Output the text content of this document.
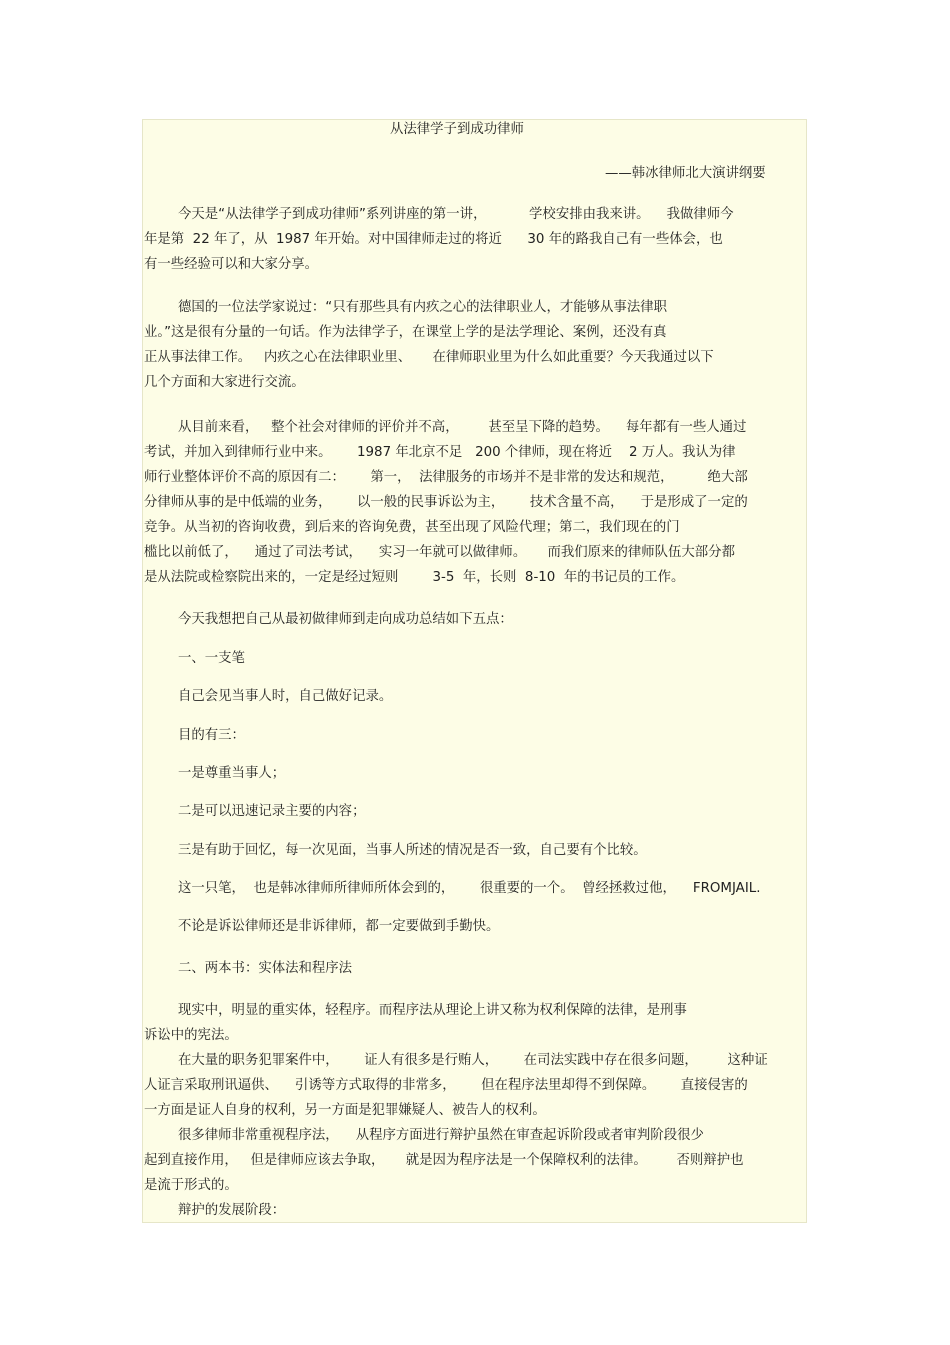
从法律学子到成功律师
——韩冰律师北大演讲纲要
今天是“从法律学子到成功律师”系列讲座的第一讲，          学校安排由我来讲。    我做律师今
年是第  22 年了，从  1987 年开始。对中国律师走过的将近      30 年的路我自己有一些体会，也
有一些经验可以和大家分享。
德国的一位法学家说过：“只有那些具有内疚之心的法律职业人，才能够从事法律职
业。”这是很有分量的一句话。作为法律学子，在课堂上学的是法学理论、案例，还没有真
正从事法律工作。   内疚之心在法律职业里、     在律师职业里为什么如此重要？今天我通过以下
几个方面和大家进行交流。
从目前来看，   整个社会对律师的评价并不高，       甚至呈下降的趋势。    每年都有一些人通过
考试，并加入到律师行业中来。      1987 年北京不足   200 个律师，现在将近    2 万人。我认为律
师行业整体评价不高的原因有二：      第一，  法律服务的市场并不是非常的发达和规范，        绝大部
分律师从事的是中低端的业务，      以一般的民事诉讼为主，      技术含量不高，    于是形成了一定的
竞争。从当初的咨询收费，到后来的咨询免费，甚至出现了风险代理；第二，我们现在的门
槛比以前低了，    通过了司法考试，    实习一年就可以做律师。     而我们原来的律师队伍大部分都
是从法院或检察院出来的，一定是经过短则        3-5  年，长则  8-10  年的书记员的工作。
今天我想把自己从最初做律师到走向成功总结如下五点：
一、一支笔
自己会见当事人时，自己做好记录。
目的有三：
一是尊重当事人；
二是可以迅速记录主要的内容；
三是有助于回忆，每一次见面，当事人所述的情况是否一致，自己要有个比较。
这一只笔，  也是韩冰律师所律师所体会到的，      很重要的一个。  曾经拯救过他，    FROMJAIL.
不论是诉讼律师还是非诉律师，都一定要做到手勤快。
二、两本书：实体法和程序法
现实中，明显的重实体，轻程序。而程序法从理论上讲又称为权利保障的法律，是刑事
诉讼中的宪法。
在大量的职务犯罪案件中，      证人有很多是行贿人，      在司法实践中存在很多问题，       这种证
人证言采取刑讯逼供、    引诱等方式取得的非常多，      但在程序法里却得不到保障。      直接侵害的
一方面是证人自身的权利，另一方面是犯罪嫌疑人、被告人的权利。
很多律师非常重视程序法，    从程序方面进行辩护虽然在审查起诉阶段或者审判阶段很少
起到直接作用，   但是律师应该去争取，     就是因为程序法是一个保障权利的法律。       否则辩护也
是流于形式的。
辩护的发展阶段：
